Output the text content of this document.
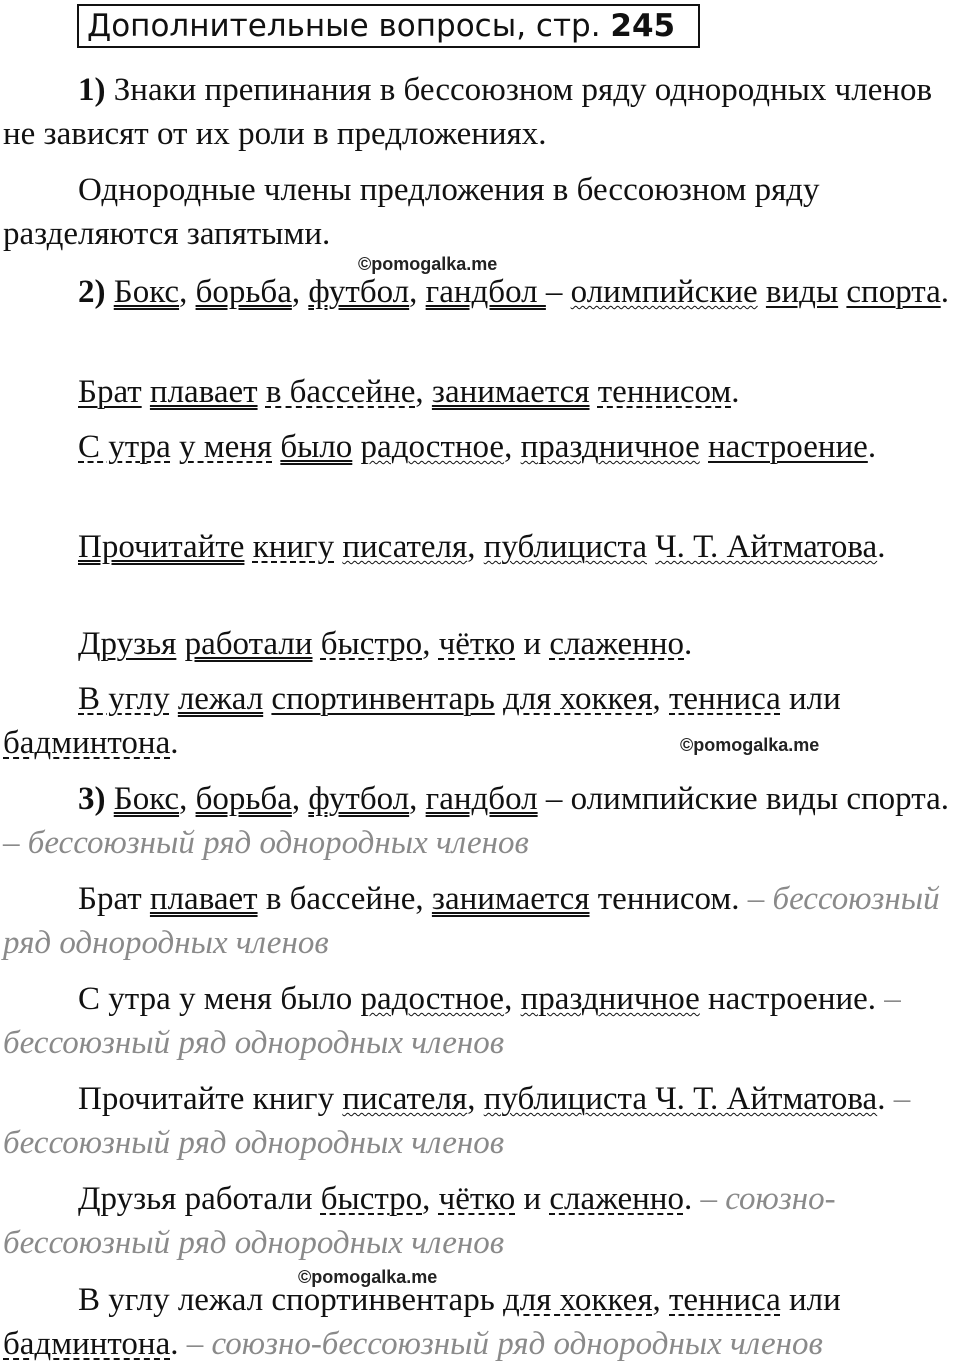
Дополнительные вопросы, стр. 245

1) Знаки препинания в бессоюзном ряду однородных членов не зависят от их роли в предложениях.

Однородные члены предложения в бессоюзном ряду разделяются запятыми.

©pomogalka.me

2) Бокс, борьба, футбол, гандбол – олимпийские виды спорта.

Брат плавает в бассейне, занимается теннисом.

С утра у меня было радостное, праздничное настроение.

Прочитайте книгу писателя, публициста Ч. Т. Айтматова.

Друзья работали быстро, чётко и слаженно.

В углу лежал спортинвентарь для хоккея, тенниса или бадминтона.	©pomogalka.me

3) Бокс, борьба, футбол, гандбол – олимпийские виды спорта. – бессоюзный ряд однородных членов

Брат плавает в бассейне, занимается теннисом. – бессоюзный ряд однородных членов

С утра у меня было радостное, праздничное настроение. – бессоюзный ряд однородных членов

Прочитайте книгу писателя, публициста Ч. Т. Айтматова. – бессоюзный ряд однородных членов

Друзья работали быстро, чётко и слаженно. – союзно-бессоюзный ряд однородных членов

©pomogalka.me

В углу лежал спортинвентарь для хоккея, тенниса или бадминтона. – союзно-бессоюзный ряд однородных членов
